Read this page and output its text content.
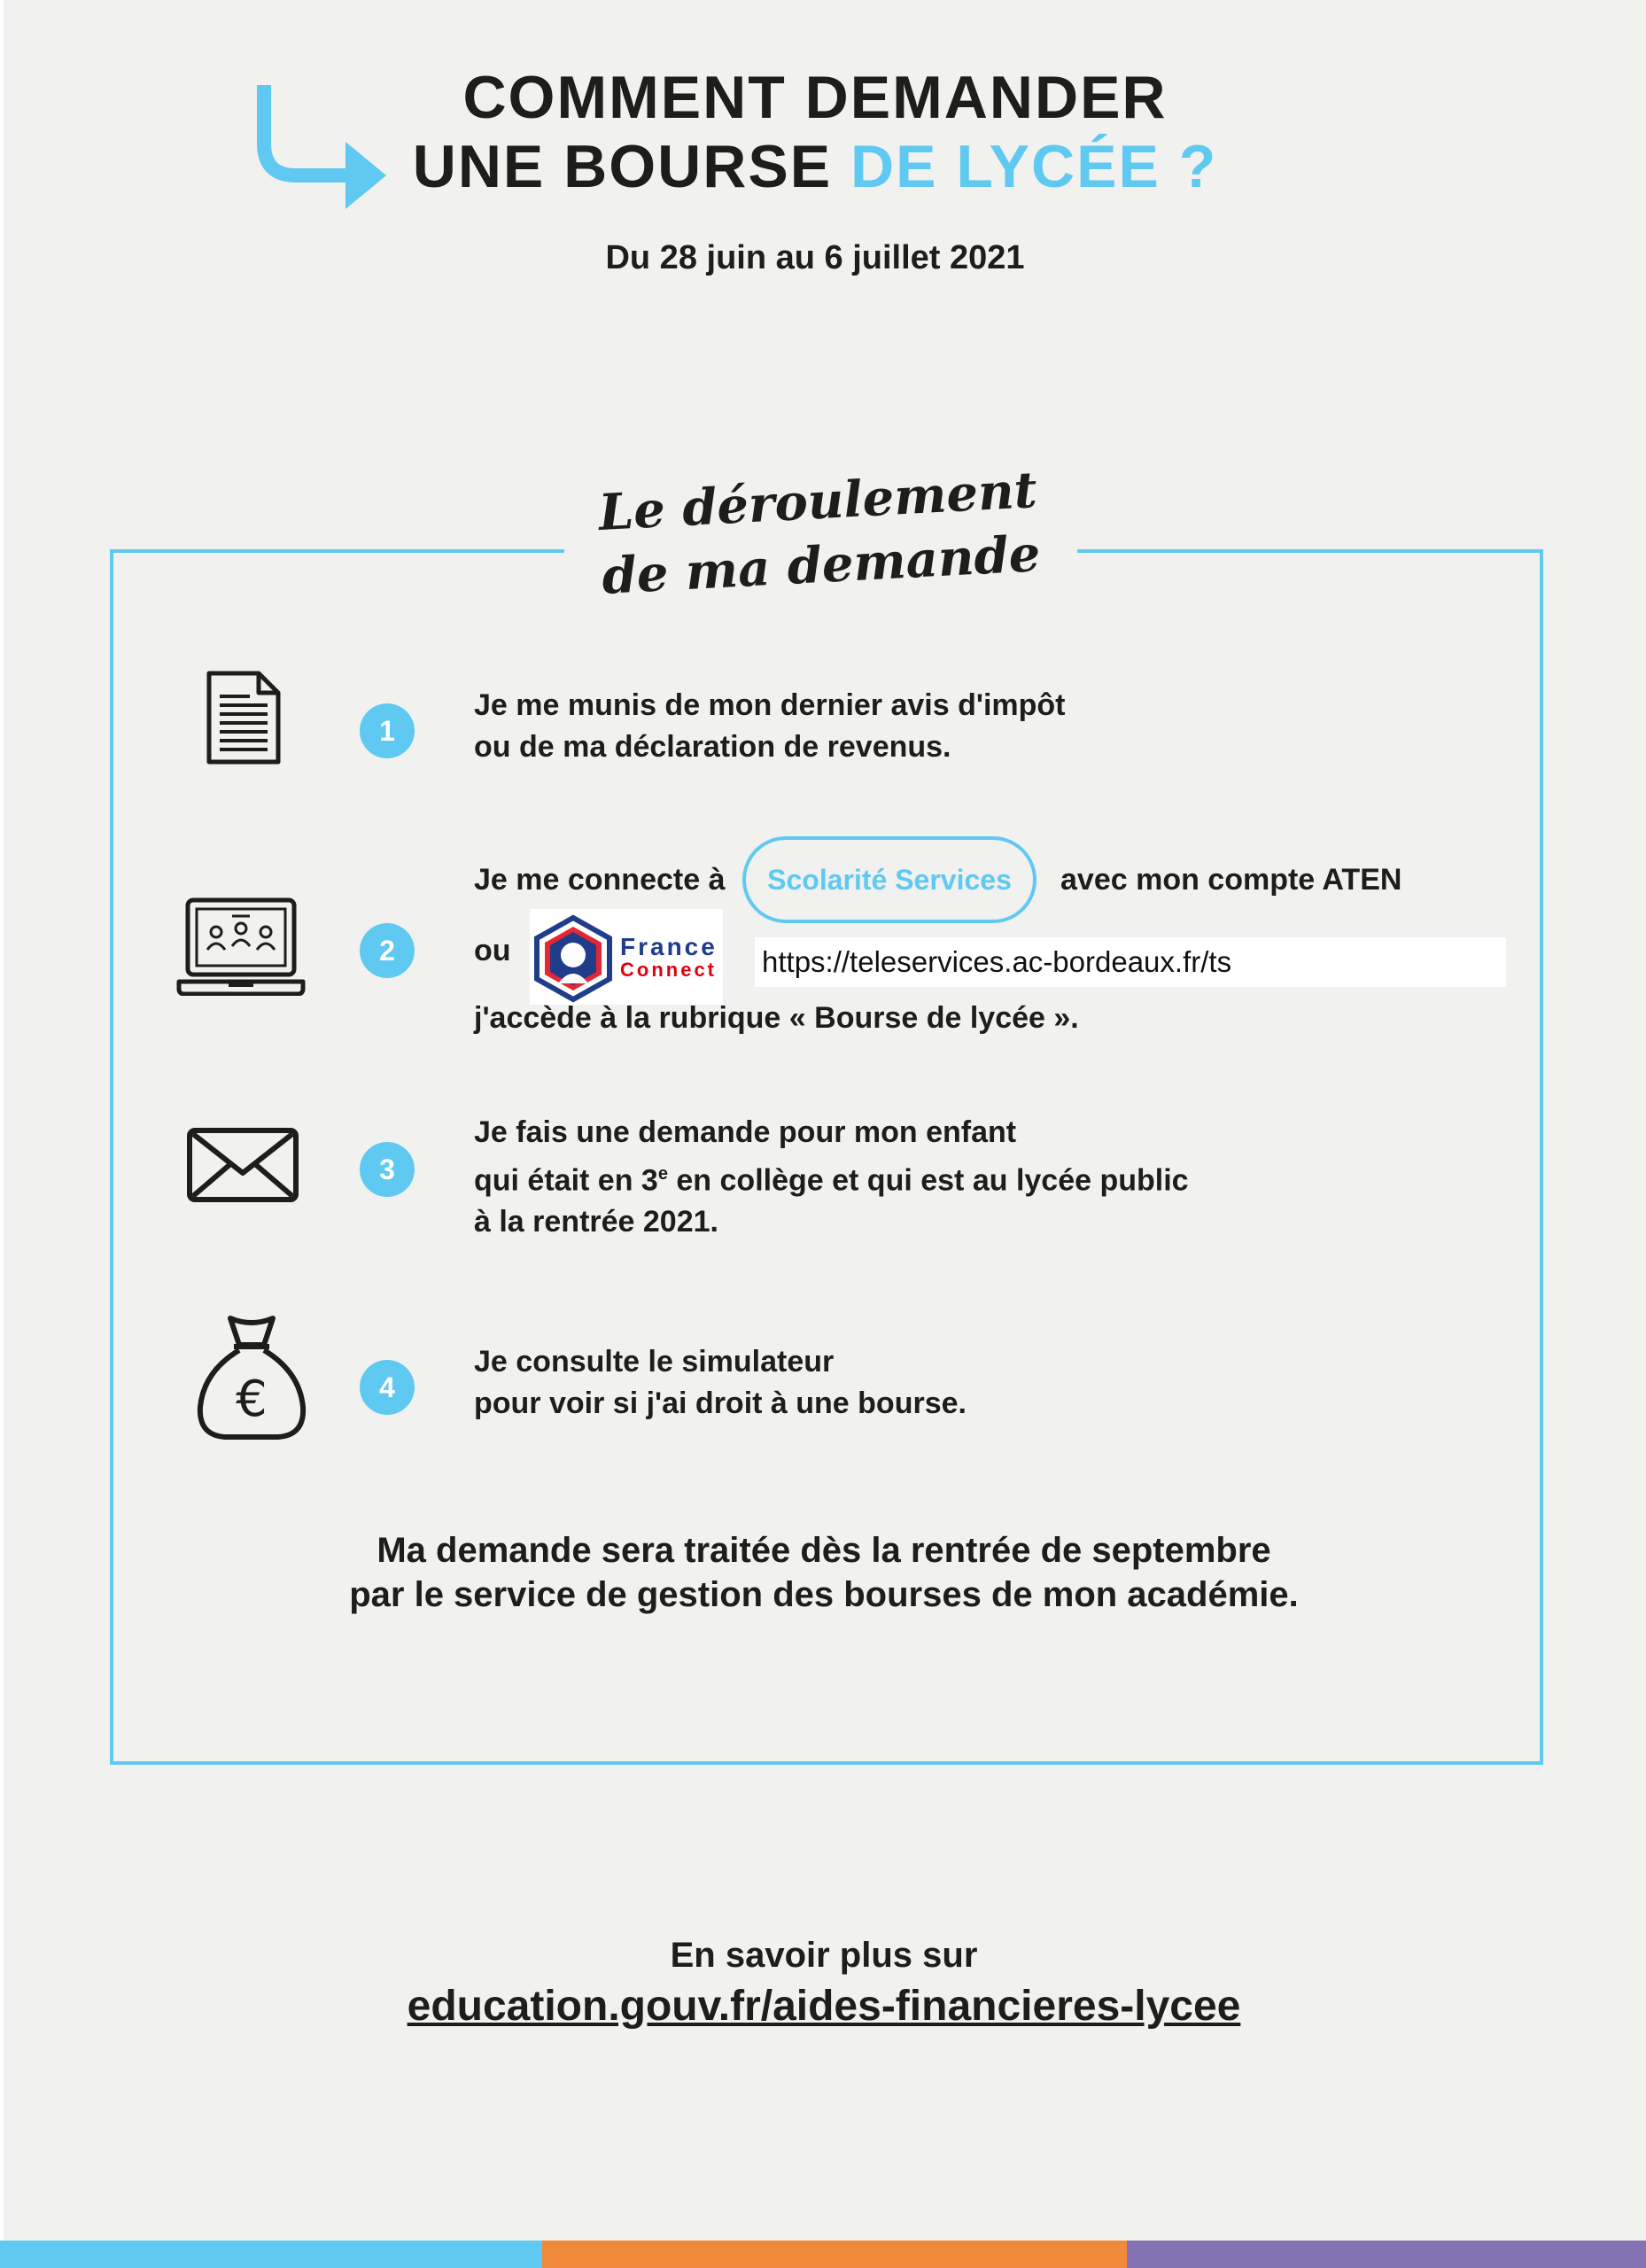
COMMENT DEMANDER
UNE BOURSE DE LYCÉE ?
Du 28 juin au 6 juillet 2021
Le déroulement
de ma demande
1
Je me munis de mon dernier avis d'impôt
ou de ma déclaration de revenus.
2
Je me connecte à	Scolarité Services	avec mon compte ATEN
ou	France
Connect https://teleservices.ac-bordeaux.fr/ts
j'accède à la rubrique « Bourse de lycée ».
3
Je fais une demande pour mon enfant
qui était en 3e en collège et qui est au lycée public
à la rentrée 2021.
€	4
Je consulte le simulateur
pour voir si j'ai droit à une bourse.
Ma demande sera traitée dès la rentrée de septembre
par le service de gestion des bourses de mon académie.
En savoir plus sur
education.gouv.fr/aides-financieres-lycee
